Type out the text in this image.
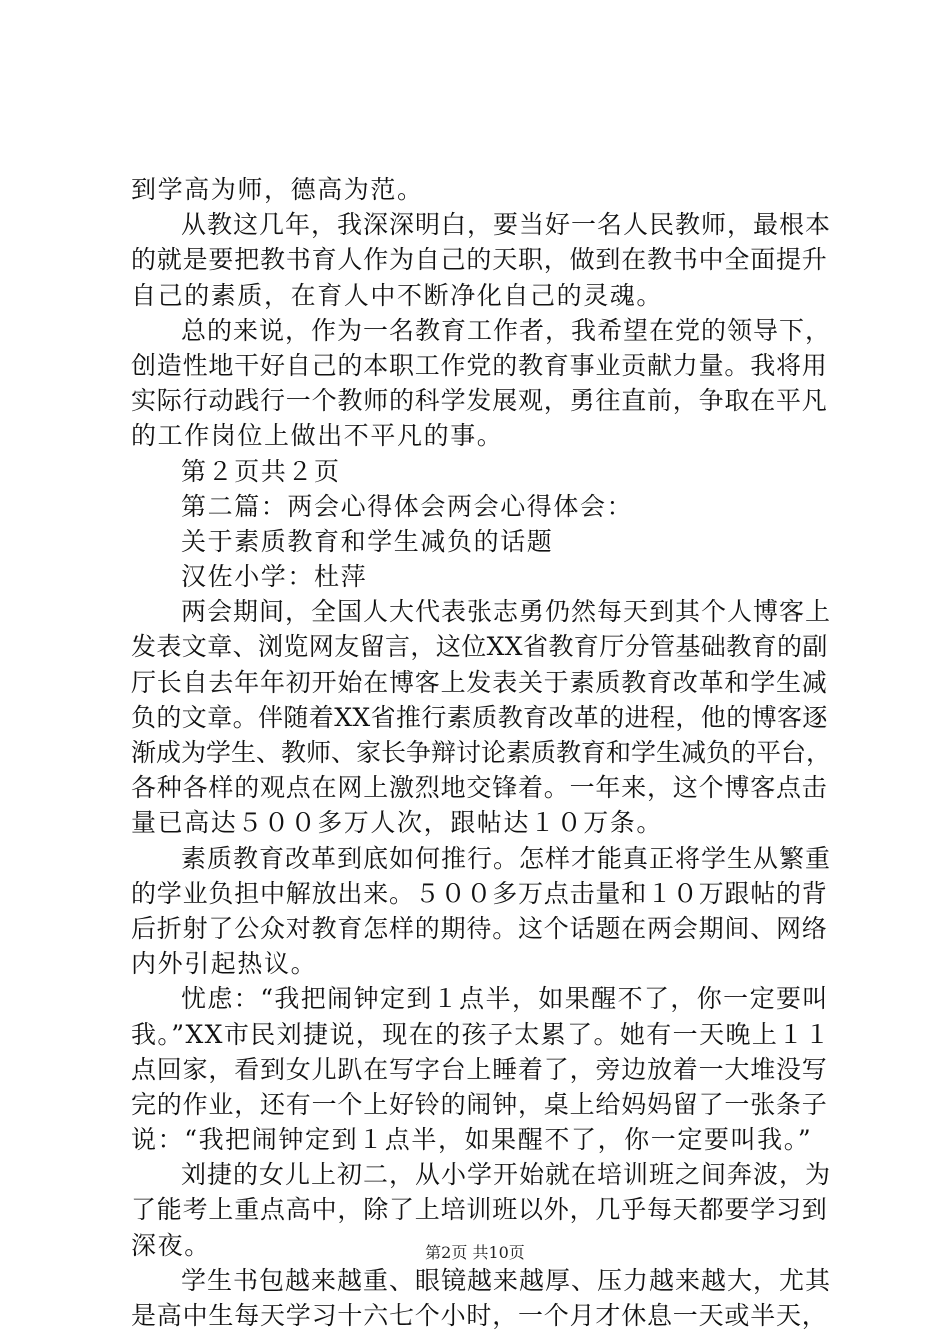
到学高为师，德高为范。
从教这几年，我深深明白，要当好一名人民教师，最根本
的就是要把教书育人作为自己的天职，做到在教书中全面提升
自己的素质，在育人中不断净化自己的灵魂。
总的来说，作为一名教育工作者，我希望在党的领导下，
创造性地干好自己的本职工作党的教育事业贡献力量。我将用
实际行动践行一个教师的科学发展观，勇往直前，争取在平凡
的工作岗位上做出不平凡的事。
第２页共２页
第二篇：两会心得体会两会心得体会：
关于素质教育和学生减负的话题
汉佐小学：杜萍
两会期间，全国人大代表张志勇仍然每天到其个人博客上
发表文章、浏览网友留言，这位XX省教育厅分管基础教育的副
厅长自去年年初开始在博客上发表关于素质教育改革和学生减
负的文章。伴随着XX省推行素质教育改革的进程，他的博客逐
渐成为学生、教师、家长争辩讨论素质教育和学生减负的平台，
各种各样的观点在网上激烈地交锋着。一年来，这个博客点击
量已高达５００多万人次，跟帖达１０万条。
素质教育改革到底如何推行。怎样才能真正将学生从繁重
的学业负担中解放出来。５００多万点击量和１０万跟帖的背
后折射了公众对教育怎样的期待。这个话题在两会期间、网络
内外引起热议。
忧虑：“我把闹钟定到１点半，如果醒不了，你一定要叫
我。”XX市民刘捷说，现在的孩子太累了。她有一天晚上１１
点回家，看到女儿趴在写字台上睡着了，旁边放着一大堆没写
完的作业，还有一个上好铃的闹钟，桌上给妈妈留了一张条子
说：“我把闹钟定到１点半，如果醒不了，你一定要叫我。”
刘捷的女儿上初二，从小学开始就在培训班之间奔波，为
了能考上重点高中，除了上培训班以外，几乎每天都要学习到
深夜。
学生书包越来越重、眼镜越来越厚、压力越来越大，尤其
是高中生每天学习十六七个小时，一个月才休息一天或半天，
第2页 共10页
